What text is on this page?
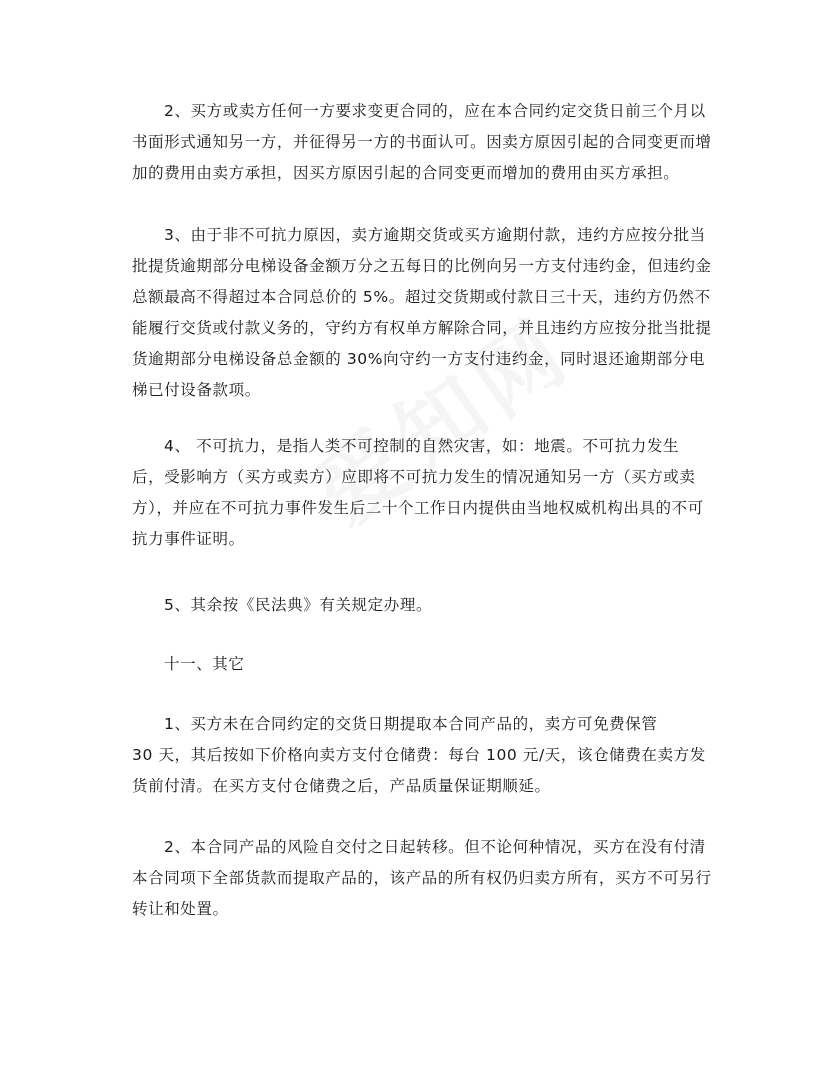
2、买方或卖方任何一方要求变更合同的，应在本合同约定交货日前三个月以
书面形式通知另一方，并征得另一方的书面认可。因卖方原因引起的合同变更而增
加的费用由卖方承担，因买方原因引起的合同变更而增加的费用由买方承担。
3、由于非不可抗力原因，卖方逾期交货或买方逾期付款，违约方应按分批当
批提货逾期部分电梯设备金额万分之五每日的比例向另一方支付违约金，但违约金
总额最高不得超过本合同总价的 5%。超过交货期或付款日三十天，违约方仍然不
能履行交货或付款义务的，守约方有权单方解除合同，并且违约方应按分批当批提
货逾期部分电梯设备总金额的 30%向守约一方支付违约金，同时退还逾期部分电
梯已付设备款项。
4、 不可抗力，是指人类不可控制的自然灾害，如：地震。不可抗力发生
后，受影响方（买方或卖方）应即将不可抗力发生的情况通知另一方（买方或卖
方），并应在不可抗力事件发生后二十个工作日内提供由当地权威机构出具的不可
抗力事件证明。
5、其余按《民法典》有关规定办理。
十一、其它
1、买方未在合同约定的交货日期提取本合同产品的，卖方可免费保管
30 天，其后按如下价格向卖方支付仓储费：每台 100 元/天，该仓储费在卖方发
货前付清。在买方支付仓储费之后，产品质量保证期顺延。
2、本合同产品的风险自交付之日起转移。但不论何种情况，买方在没有付清
本合同项下全部货款而提取产品的，该产品的所有权仍归卖方所有，买方不可另行
转让和处置。
